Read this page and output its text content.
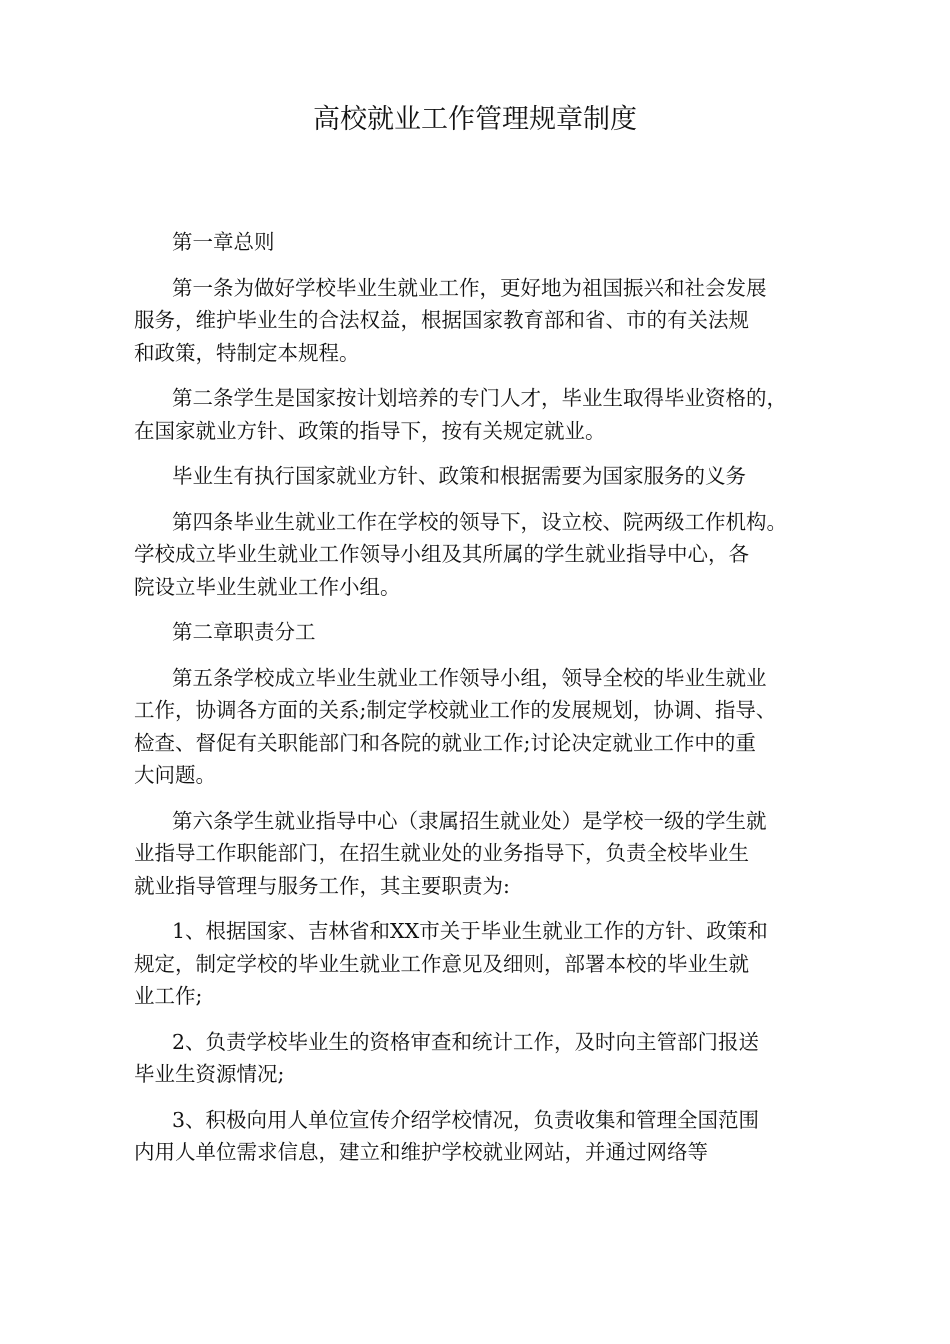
高校就业工作管理规章制度
第一章总则
第一条为做好学校毕业生就业工作，更好地为祖国振兴和社会发展
服务，维护毕业生的合法权益，根据国家教育部和省、市的有关法规
和政策，特制定本规程。
第二条学生是国家按计划培养的专门人才，毕业生取得毕业资格的，
在国家就业方针、政策的指导下，按有关规定就业。
毕业生有执行国家就业方针、政策和根据需要为国家服务的义务
第四条毕业生就业工作在学校的领导下，设立校、院两级工作机构。
学校成立毕业生就业工作领导小组及其所属的学生就业指导中心，各
院设立毕业生就业工作小组。
第二章职责分工
第五条学校成立毕业生就业工作领导小组，领导全校的毕业生就业
工作，协调各方面的关系;制定学校就业工作的发展规划，协调、指导、
检查、督促有关职能部门和各院的就业工作;讨论决定就业工作中的重
大问题。
第六条学生就业指导中心（隶属招生就业处）是学校一级的学生就
业指导工作职能部门，在招生就业处的业务指导下，负责全校毕业生
就业指导管理与服务工作，其主要职责为:
1、根据国家、吉林省和XX市关于毕业生就业工作的方针、政策和
规定，制定学校的毕业生就业工作意见及细则，部署本校的毕业生就
业工作;
2、负责学校毕业生的资格审查和统计工作，及时向主管部门报送
毕业生资源情况;
3、积极向用人单位宣传介绍学校情况，负责收集和管理全国范围
内用人单位需求信息，建立和维护学校就业网站，并通过网络等
